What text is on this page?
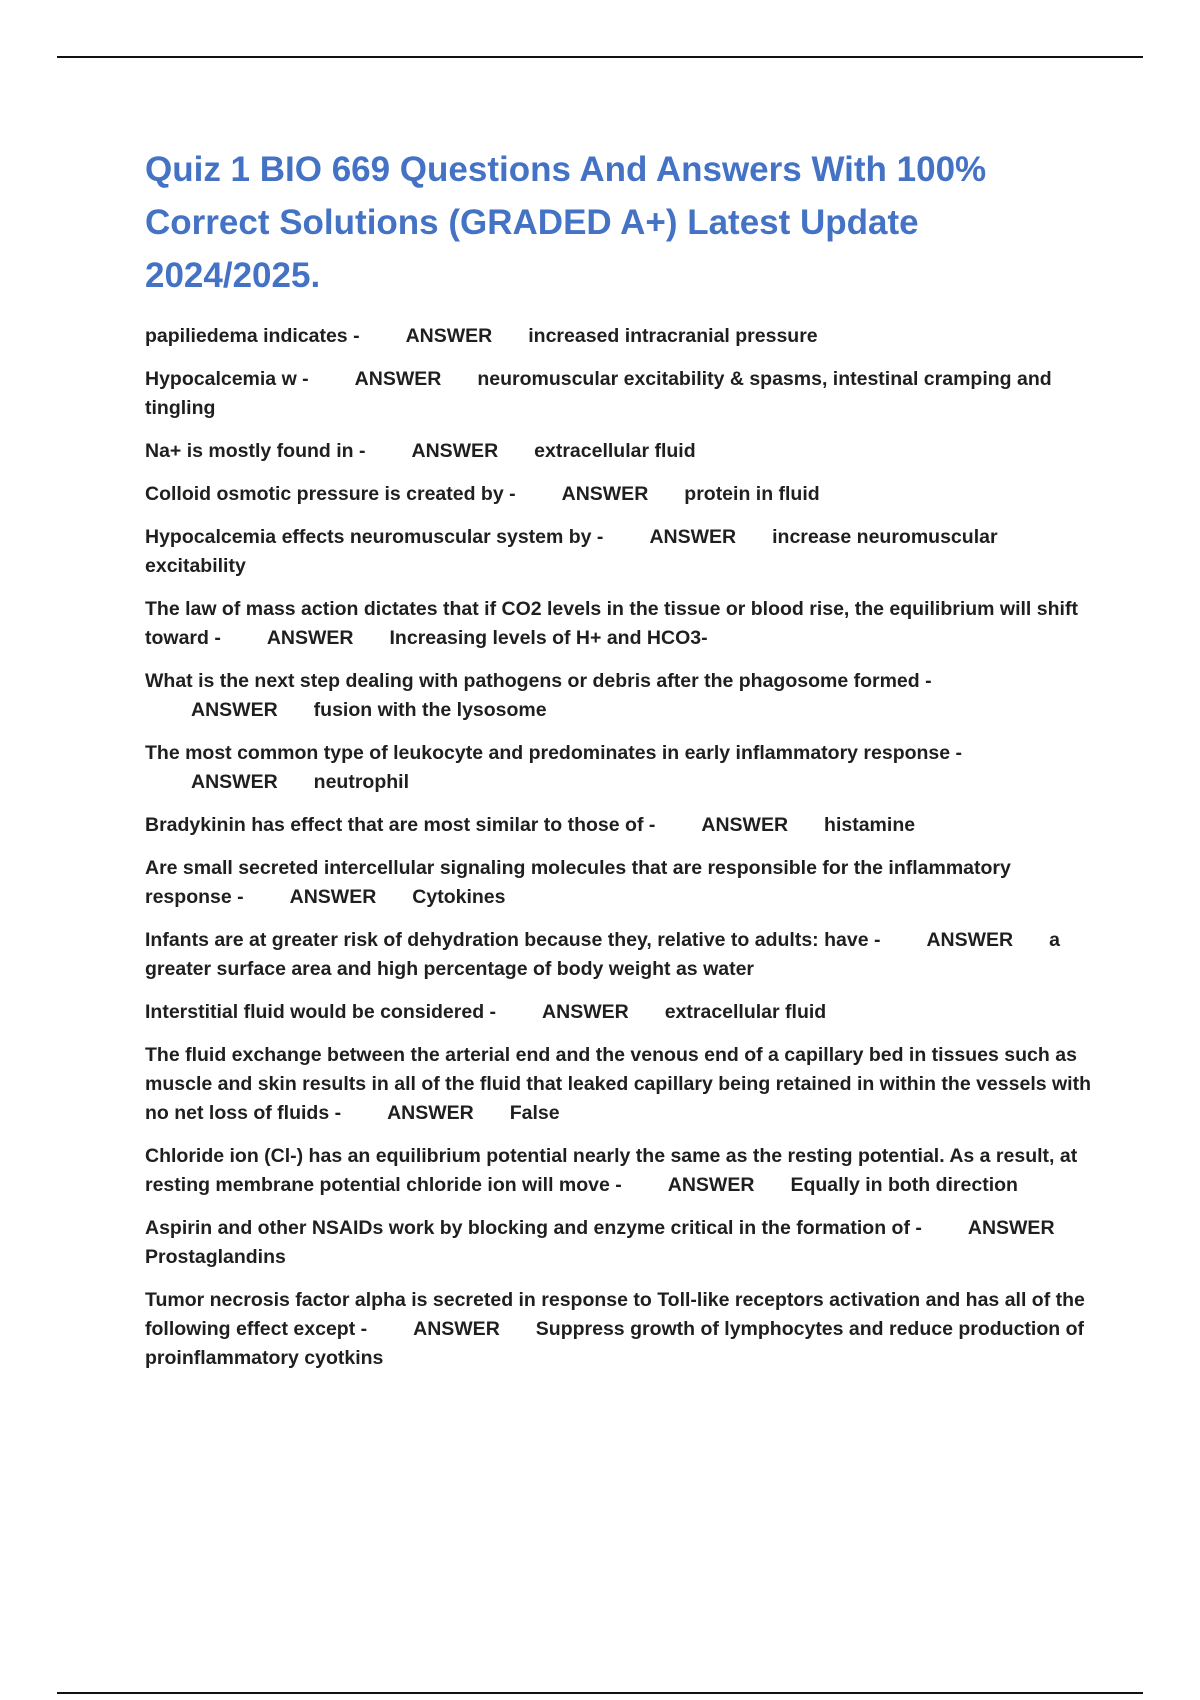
Quiz 1 BIO 669 Questions And Answers With 100% Correct Solutions (GRADED A+) Latest Update 2024/2025.

papiliedema indicates - ANSWER increased intracranial pressure

Hypocalcemia w - ANSWER neuromuscular excitability & spasms, intestinal cramping and tingling

Na+ is mostly found in - ANSWER extracellular fluid

Colloid osmotic pressure is created by - ANSWER protein in fluid

Hypocalcemia effects neuromuscular system by - ANSWER increase neuromuscular excitability

The law of mass action dictates that if CO2 levels in the tissue or blood rise, the equilibrium will shift toward - ANSWER Increasing levels of H+ and HCO3-

What is the next step dealing with pathogens or debris after the phagosome formed -ANSWER fusion with the lysosome

The most common type of leukocyte and predominates in early inflammatory response -ANSWER neutrophil

Bradykinin has effect that are most similar to those of - ANSWER histamine

Are small secreted intercellular signaling molecules that are responsible for the inflammatory response - ANSWER Cytokines

Infants are at greater risk of dehydration because they, relative to adults: have - ANSWER a greater surface area and high percentage of body weight as water

Interstitial fluid would be considered - ANSWER extracellular fluid

The fluid exchange between the arterial end and the venous end of a capillary bed in tissues such as muscle and skin results in all of the fluid that leaked capillary being retained in within the vessels with no net loss of fluids - ANSWER False

Chloride ion (Cl-) has an equilibrium potential nearly the same as the resting potential. As a result, at resting membrane potential chloride ion will move - ANSWER Equally in both direction

Aspirin and other NSAIDs work by blocking and enzyme critical in the formation of - ANSWERProstaglandins

Tumor necrosis factor alpha is secreted in response to Toll-like receptors activation and has all of the following effect except - ANSWER Suppress growth of lymphocytes and reduce production of proinflammatory cyotkins
